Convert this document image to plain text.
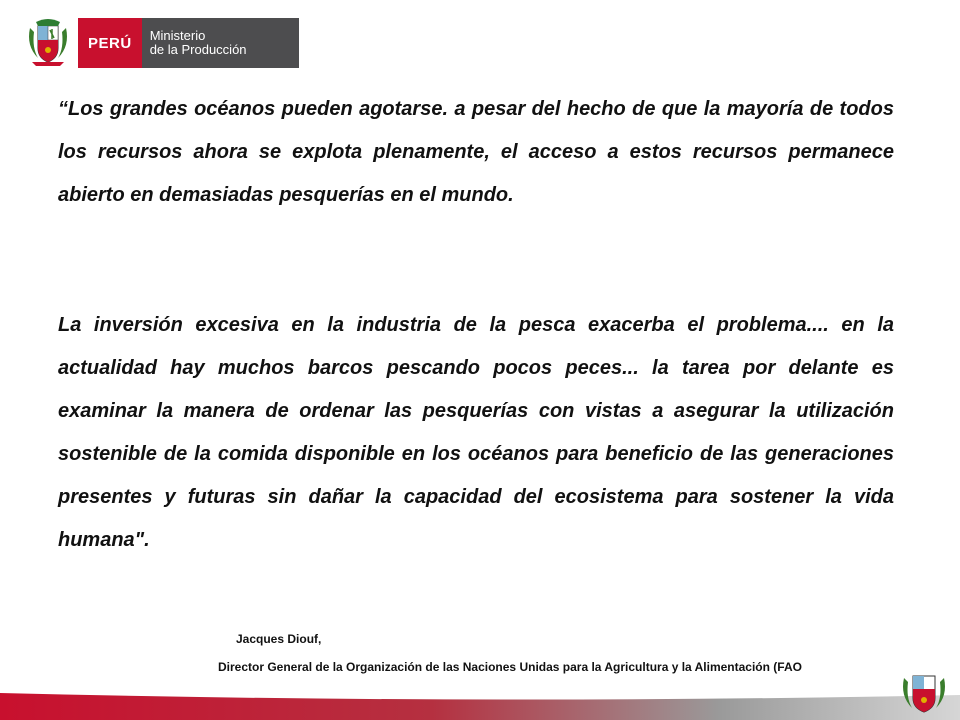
PERÚ	Ministerio
de la Producción

“Los grandes océanos pueden agotarse. a pesar del hecho de que la mayoría de todos los recursos ahora se explota plenamente, el acceso a estos recursos permanece abierto en demasiadas pesquerías en el mundo.

La inversión excesiva en la industria de la pesca exacerba el problema.... en la actualidad hay muchos barcos pescando pocos peces... la tarea por delante es examinar la manera de ordenar las pesquerías con vistas a asegurar la utilización sostenible de la comida disponible en los océanos para beneficio de las generaciones presentes y futuras sin dañar la capacidad del ecosistema para sostener la vida humana".

Jacques Diouf,
Director General de la Organización de las Naciones Unidas para la Agricultura y la Alimentación (FAO
